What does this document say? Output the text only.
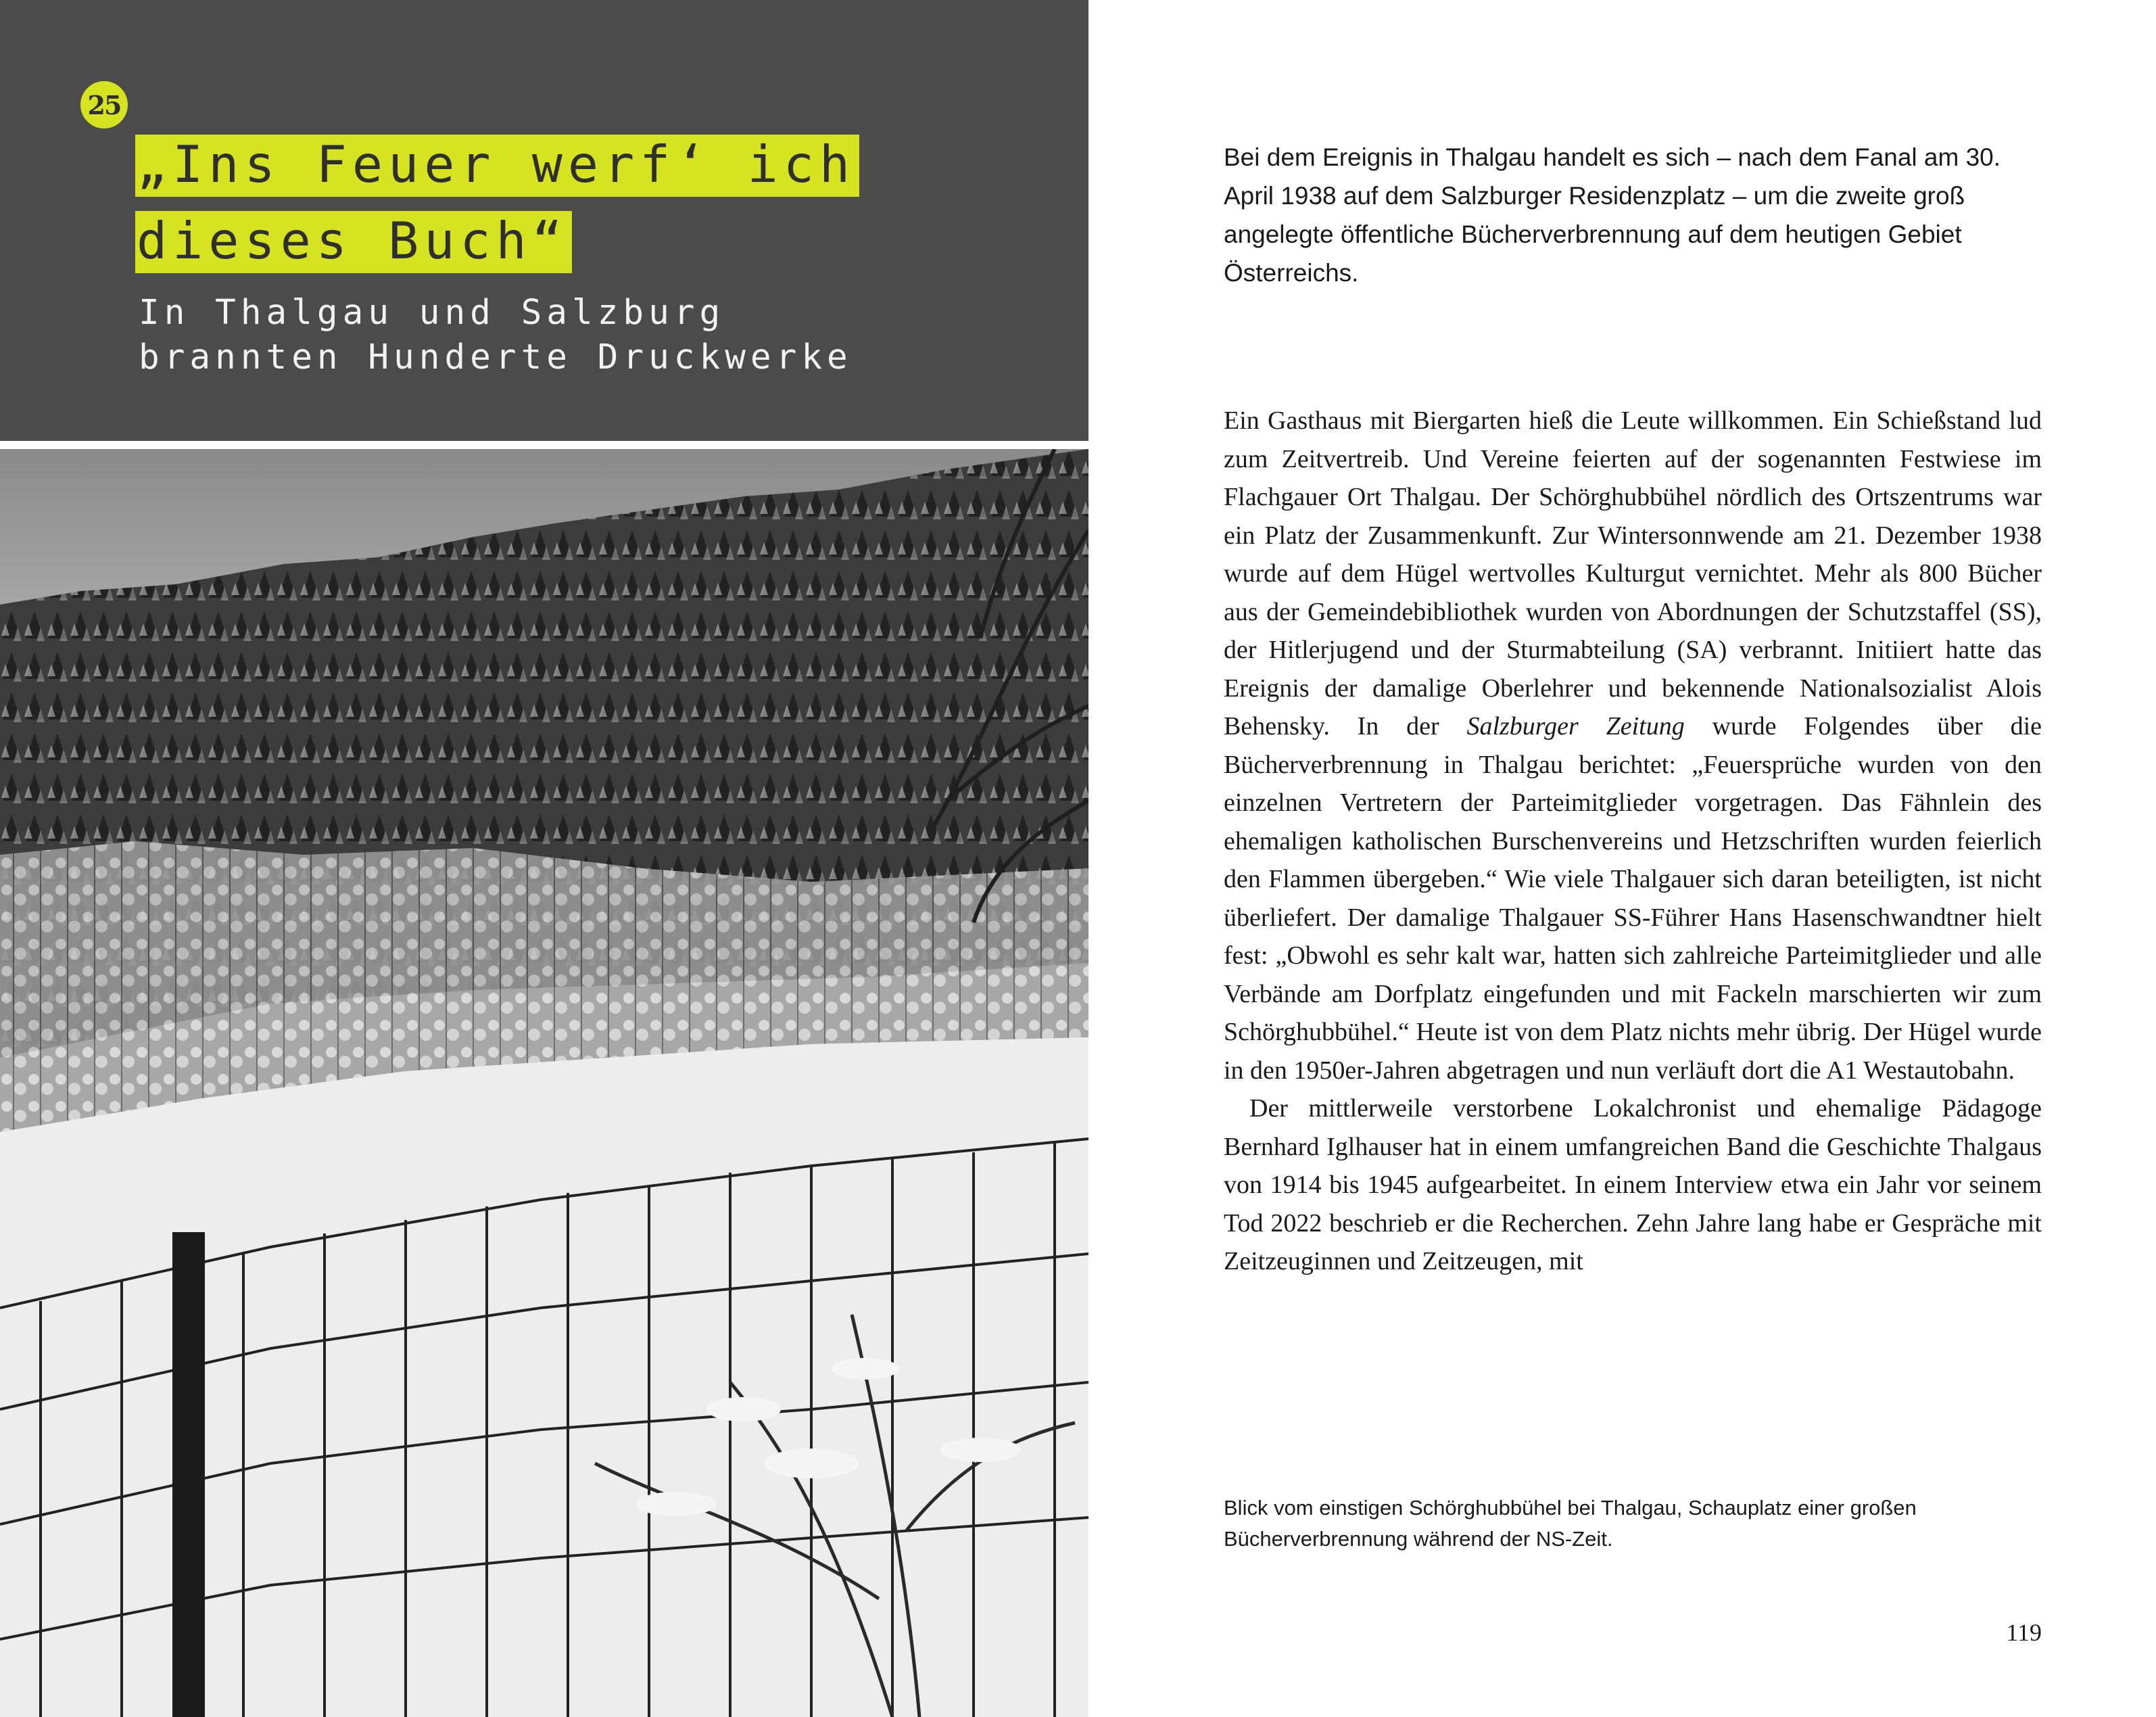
25
„Ins Feuer werf‘ ich
dieses Buch“
In Thalgau und Salzburg
brannten Hunderte Druckwerke
Bei dem Ereignis in Thalgau handelt es sich – nach dem Fanal am 30. April 1938 auf dem Salzburger Residenzplatz – um die zweite groß angelegte öffentliche Bücherverbrennung auf dem heutigen Gebiet Österreichs.

Ein Gasthaus mit Biergarten hieß die Leute willkommen. Ein Schießstand lud zum Zeitvertreib. Und Vereine feierten auf der sogenannten Festwiese im Flachgauer Ort Thalgau. Der Schörghubbühel nördlich des Ortszentrums war ein Platz der Zusammenkunft. Zur Wintersonnwende am 21. Dezember 1938 wurde auf dem Hügel wertvolles Kulturgut vernichtet. Mehr als 800 Bücher aus der Gemeindebibliothek wurden von Abordnungen der Schutzstaffel (SS), der Hitlerjugend und der Sturmabteilung (SA) verbrannt. Initiiert hatte das Ereignis der damalige Oberlehrer und bekennende Nationalsozialist Alois Behensky. In der Salzburger Zeitung wurde Folgendes über die Bücherverbrennung in Thalgau berichtet: „Feuersprüche wurden von den einzelnen Vertretern der Parteimitglieder vorgetragen. Das Fähnlein des ehemaligen katholischen Burschenvereins und Hetzschriften wurden feierlich den Flammen übergeben.“ Wie viele Thalgauer sich daran beteiligten, ist nicht überliefert. Der damalige Thalgauer SS-Führer Hans Hasenschwandtner hielt fest: „Obwohl es sehr kalt war, hatten sich zahlreiche Parteimitglieder und alle Verbände am Dorfplatz eingefunden und mit Fackeln marschierten wir zum Schörghubbühel.“ Heute ist von dem Platz nichts mehr übrig. Der Hügel wurde in den 1950er-Jahren abgetragen und nun verläuft dort die A1 Westautobahn.

Der mittlerweile verstorbene Lokalchronist und ehemalige Pädagoge Bernhard Iglhauser hat in einem umfangreichen Band die Geschichte Thalgaus von 1914 bis 1945 aufgearbeitet. In einem Interview etwa ein Jahr vor seinem Tod 2022 beschrieb er die Recherchen. Zehn Jahre lang habe er Gespräche mit Zeitzeuginnen und Zeitzeugen, mit

Blick vom einstigen Schörghubbühel bei Thalgau, Schauplatz einer großen Bücherverbrennung während der NS-Zeit.
119
